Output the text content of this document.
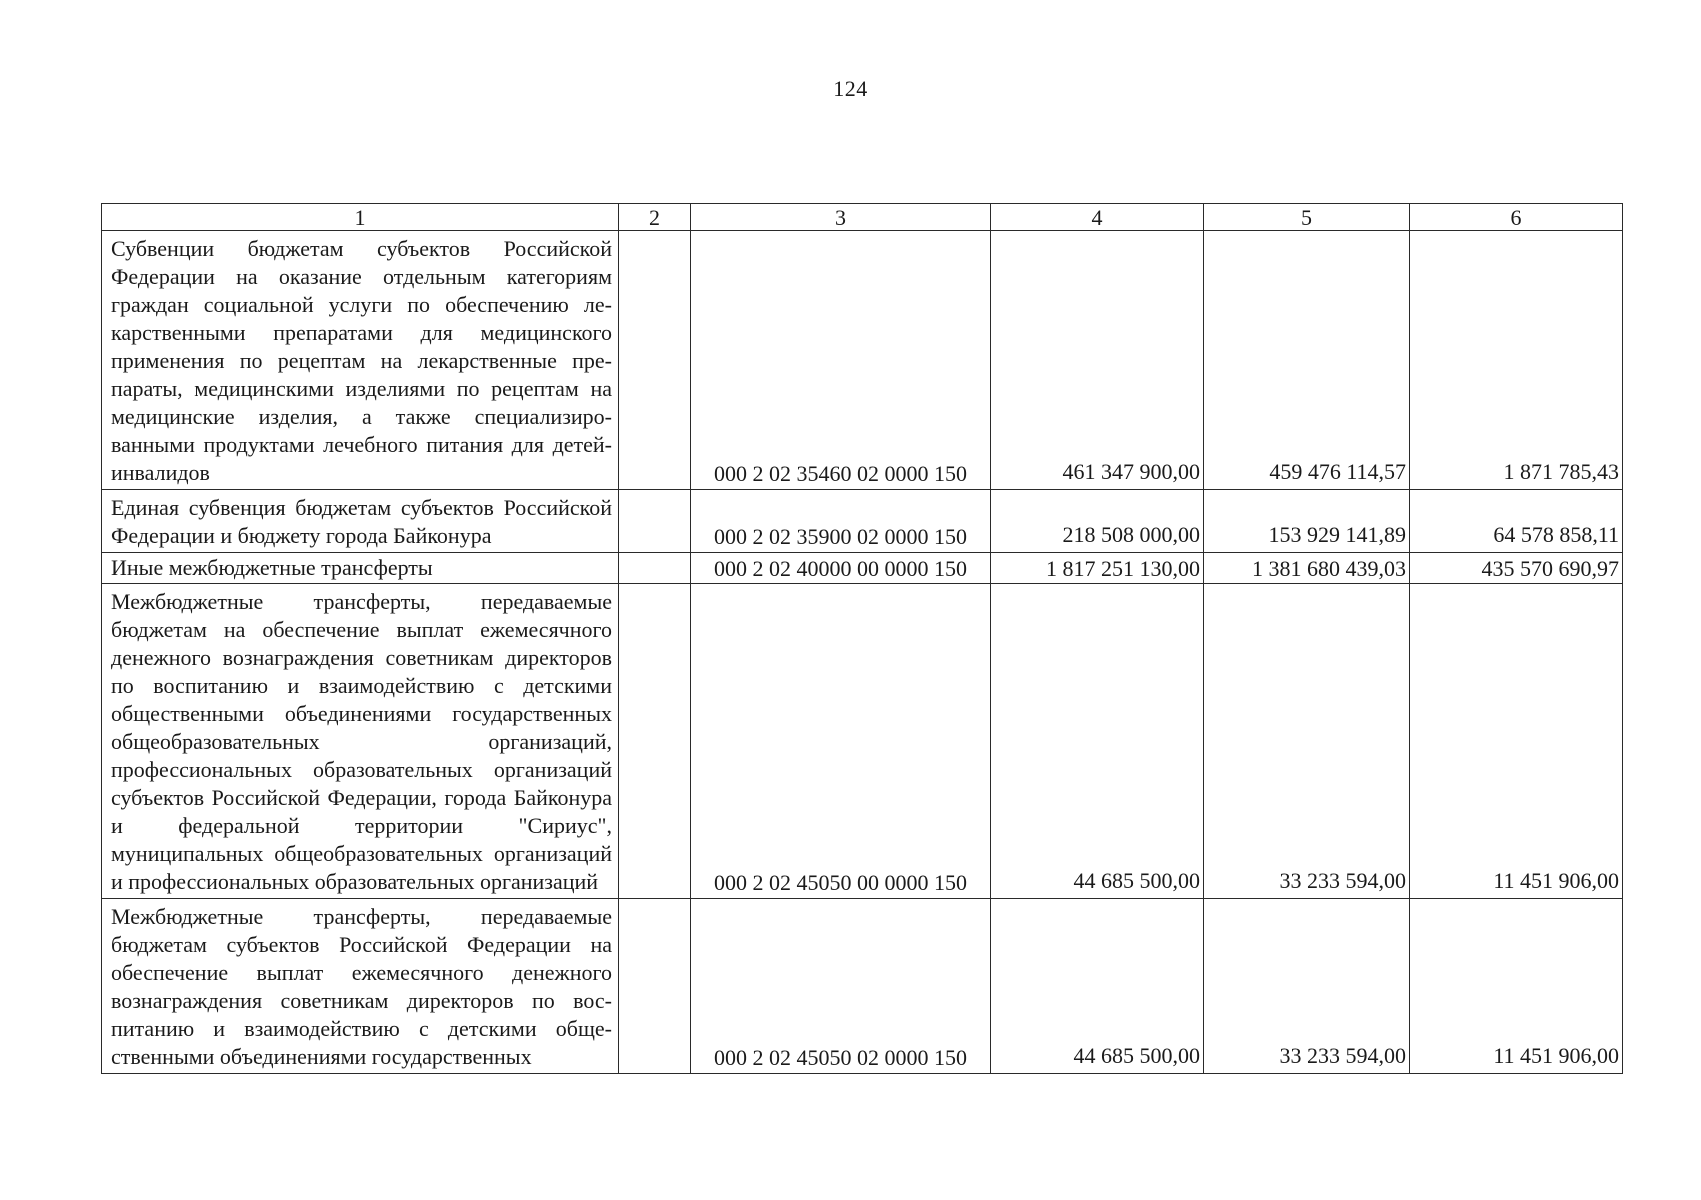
124
1	2	3	4	5	6
Субвенции бюджетам субъектов Российской Федерации на оказание отдельным категориям граждан социальной услуги по обеспечению лекарственными препаратами для медицинского применения по рецептам на лекарственные препараты, медицинскими изделиями по рецептам на медицинские изделия, а также специализированными продуктами лечебного питания для детей-инвалидов		000 2 02 35460 02 0000 150	461 347 900,00	459 476 114,57	1 871 785,43
Единая субвенция бюджетам субъектов Российской Федерации и бюджету города Байконура		000 2 02 35900 02 0000 150	218 508 000,00	153 929 141,89	64 578 858,11
Иные межбюджетные трансферты		000 2 02 40000 00 0000 150	1 817 251 130,00	1 381 680 439,03	435 570 690,97
Межбюджетные трансферты, передаваемые бюджетам на обеспечение выплат ежемесячного денежного вознаграждения советникам директоров по воспитанию и взаимодействию с детскими общественными объединениями государственных общеобразовательных организаций, профессиональных образовательных организаций субъектов Российской Федерации, города Байконура и федеральной территории "Сириус", муниципальных общеобразовательных организаций и профессиональных образовательных организаций		000 2 02 45050 00 0000 150	44 685 500,00	33 233 594,00	11 451 906,00
Межбюджетные трансферты, передаваемые бюджетам субъектов Российской Федерации на обеспечение выплат ежемесячного денежного вознаграждения советникам директоров по воспитанию и взаимодействию с детскими общественными объединениями государственных		000 2 02 45050 02 0000 150	44 685 500,00	33 233 594,00	11 451 906,00
